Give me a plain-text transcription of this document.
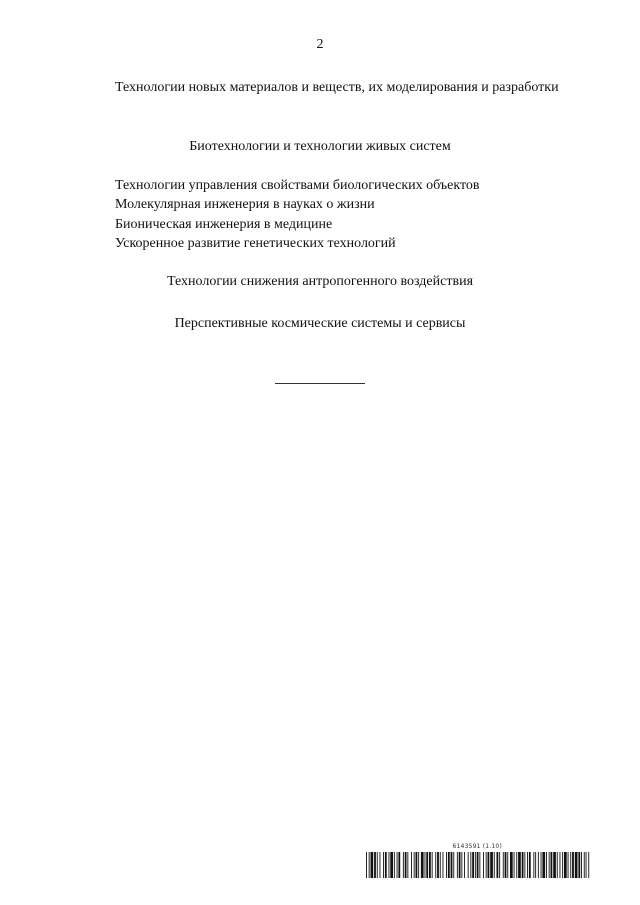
2
Технологии новых материалов и веществ, их моделирования и разработки
Биотехнологии и технологии живых систем
Технологии управления свойствами биологических объектов
Молекулярная инженерия в науках о жизни
Бионическая инженерия в медицине
Ускоренное развитие генетических технологий
Технологии снижения антропогенного воздействия
Перспективные космические системы и сервисы
6143591 (1.10)
